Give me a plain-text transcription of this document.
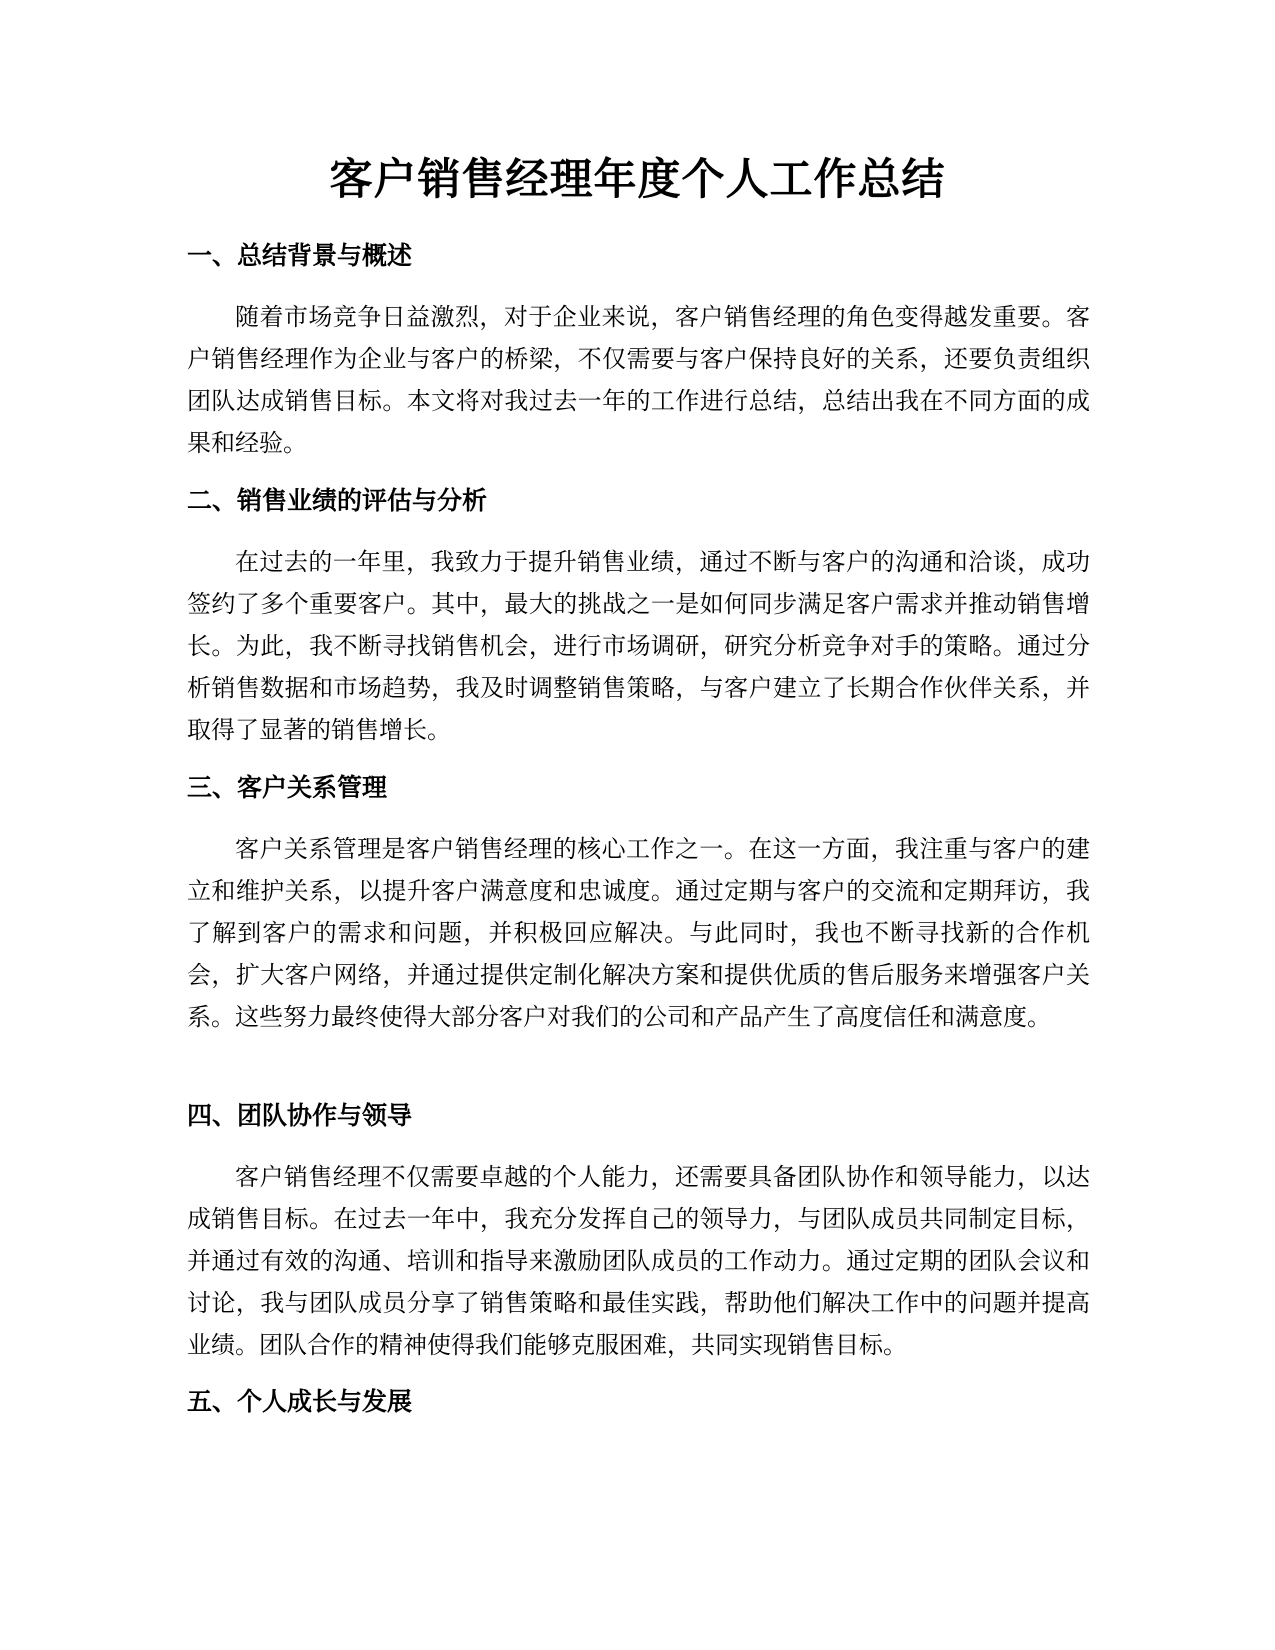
客户销售经理年度个人工作总结
一、总结背景与概述

随着市场竞争日益激烈，对于企业来说，客户销售经理的角色变得越发重要。客户销售经理作为企业与客户的桥梁，不仅需要与客户保持良好的关系，还要负责组织团队达成销售目标。本文将对我过去一年的工作进行总结，总结出我在不同方面的成果和经验。

二、销售业绩的评估与分析

在过去的一年里，我致力于提升销售业绩，通过不断与客户的沟通和洽谈，成功签约了多个重要客户。其中，最大的挑战之一是如何同步满足客户需求并推动销售增长。为此，我不断寻找销售机会，进行市场调研，研究分析竞争对手的策略。通过分析销售数据和市场趋势，我及时调整销售策略，与客户建立了长期合作伙伴关系，并取得了显著的销售增长。

三、客户关系管理

客户关系管理是客户销售经理的核心工作之一。在这一方面，我注重与客户的建立和维护关系，以提升客户满意度和忠诚度。通过定期与客户的交流和定期拜访，我了解到客户的需求和问题，并积极回应解决。与此同时，我也不断寻找新的合作机会，扩大客户网络，并通过提供定制化解决方案和提供优质的售后服务来增强客户关系。这些努力最终使得大部分客户对我们的公司和产品产生了高度信任和满意度。

四、团队协作与领导

客户销售经理不仅需要卓越的个人能力，还需要具备团队协作和领导能力，以达成销售目标。在过去一年中，我充分发挥自己的领导力，与团队成员共同制定目标，并通过有效的沟通、培训和指导来激励团队成员的工作动力。通过定期的团队会议和讨论，我与团队成员分享了销售策略和最佳实践，帮助他们解决工作中的问题并提高业绩。团队合作的精神使得我们能够克服困难，共同实现销售目标。

五、个人成长与发展
